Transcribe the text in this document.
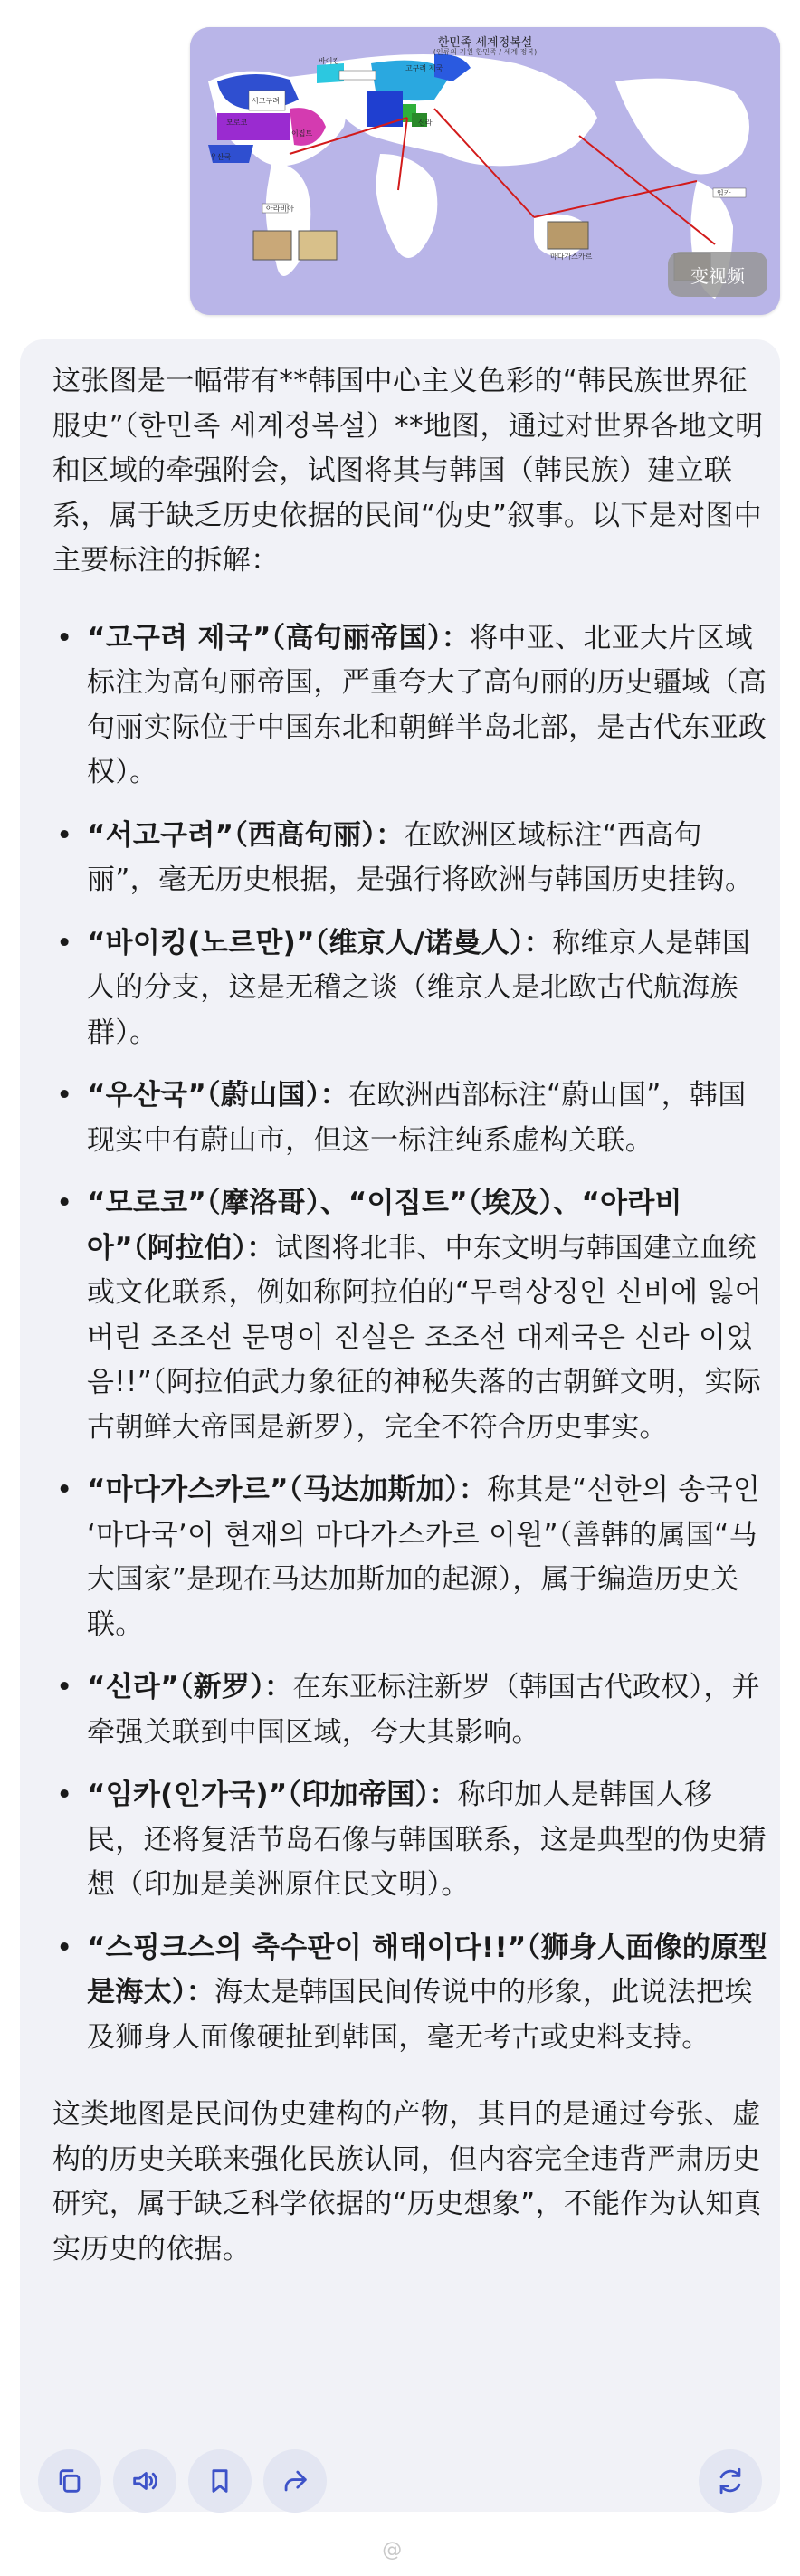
한민족 세계정복설
(인류의 기원 한민족 / 세계 정복)
고구려 제국
서고구려
바이킹
우산국
모로코
이집트
아라비아
신라
임카
마다가스카르
变视频

这张图是一幅带有**韩国中心主义色彩的“韩民族世界征服史”（한민족 세계정복설）**地图，通过对世界各地文明和区域的牵强附会，试图将其与韩国（韩民族）建立联系，属于缺乏历史依据的民间“伪史”叙事。以下是对图中主要标注的拆解：

• “고구려 제국”（高句丽帝国）：将中亚、北亚大片区域标注为高句丽帝国，严重夸大了高句丽的历史疆域（高句丽实际位于中国东北和朝鲜半岛北部，是古代东亚政权）。
• “서고구려”（西高句丽）：在欧洲区域标注“西高句丽”，毫无历史根据，是强行将欧洲与韩国历史挂钩。
• “바이킹(노르만)”（维京人/诺曼人）：称维京人是韩国人的分支，这是无稽之谈（维京人是北欧古代航海族群）。
• “우산국”（蔚山国）：在欧洲西部标注“蔚山国”，韩国现实中有蔚山市，但这一标注纯系虚构关联。
• “모로코”（摩洛哥）、“이집트”（埃及）、“아라비아”（阿拉伯）：试图将北非、中东文明与韩国建立血统或文化联系，例如称阿拉伯的“무력상징인 신비에 잃어버린 조조선 문명이 진실은 조조선 대제국은 신라 이었음!!”（阿拉伯武力象征的神秘失落的古朝鲜文明，实际古朝鲜大帝国是新罗），完全不符合历史事实。
• “마다가스카르”（马达加斯加）：称其是“선한의 송국인 ‘마다국’이 현재의 마다가스카르 이원”（善韩的属国“马大国家”是现在马达加斯加的起源），属于编造历史关联。
• “신라”（新罗）：在东亚标注新罗（韩国古代政权），并牵强关联到中国区域，夸大其影响。
• “임카(인가국)”（印加帝国）：称印加人是韩国人移民，还将复活节岛石像与韩国联系，这是典型的伪史猜想（印加是美洲原住民文明）。
• “스핑크스의 축수판이 해태이다!!”（狮身人面像的原型是海太）：海太是韩国民间传说中的形象，此说法把埃及狮身人面像硬扯到韩国，毫无考古或史料支持。

这类地图是民间伪史建构的产物，其目的是通过夸张、虚构的历史关联来强化民族认同，但内容完全违背严肃历史研究，属于缺乏科学依据的“历史想象”，不能作为认知真实历史的依据。

@    
